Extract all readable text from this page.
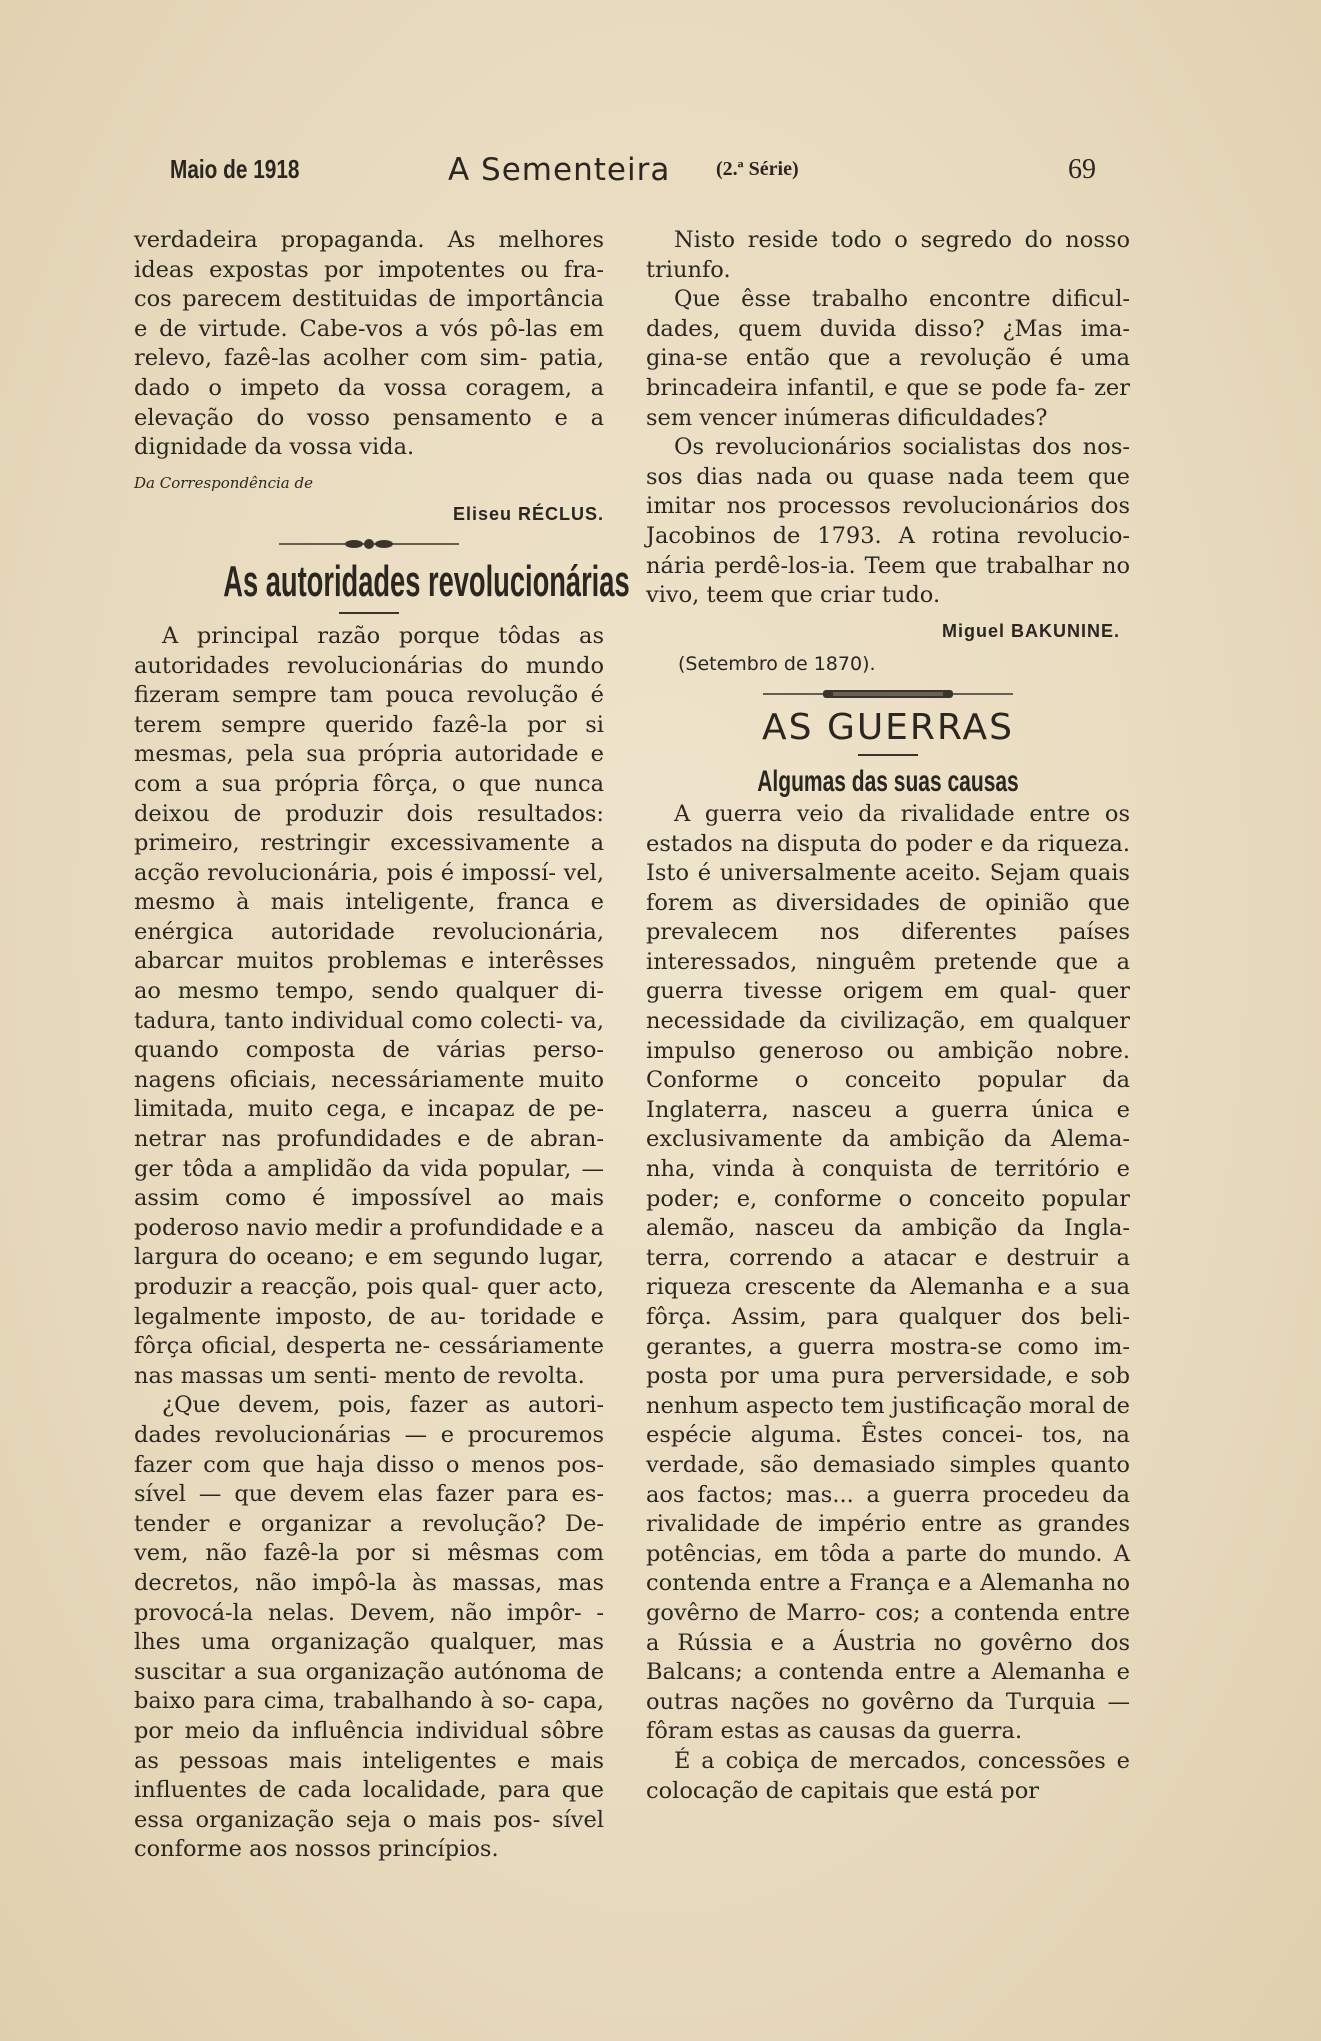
Maio de 1918	A Sementeira (2.ª Série)	69

verdadeira propaganda. As melhores ideas expostas por impotentes ou fra- cos parecem destituidas de importância e de virtude. Cabe-vos a vós pô-las em relevo, fazê-las acolher com sim- patia, dado o impeto da vossa coragem, a elevação do vosso pensamento e a dignidade da vossa vida.

Da Correspondência de

Eliseu RÉCLUS.

As autoridades revolucionárias

A principal razão porque tôdas as autoridades revolucionárias do mundo fizeram sempre tam pouca revolução é terem sempre querido fazê-la por si mesmas, pela sua própria autoridade e com a sua própria fôrça, o que nunca deixou de produzir dois resultados: primeiro, restringir excessivamente a acção revolucionária, pois é impossí- vel, mesmo à mais inteligente, franca e enérgica autoridade revolucionária, abarcar muitos problemas e interêsses ao mesmo tempo, sendo qualquer di- tadura, tanto individual como colecti- va, quando composta de várias perso- nagens oficiais, necessáriamente muito limitada, muito cega, e incapaz de pe- netrar nas profundidades e de abran- ger tôda a amplidão da vida popular, — assim como é impossível ao mais poderoso navio medir a profundidade e a largura do oceano; e em segundo lugar, produzir a reacção, pois qual- quer acto, legalmente imposto, de au- toridade e fôrça oficial, desperta ne- cessáriamente nas massas um senti- mento de revolta.

¿Que devem, pois, fazer as autori- dades revolucionárias — e procuremos fazer com que haja disso o menos pos- sível — que devem elas fazer para es- tender e organizar a revolução? De- vem, não fazê-la por si mêsmas com decretos, não impô-la às massas, mas provocá-la nelas. Devem, não impôr- -lhes uma organização qualquer, mas suscitar a sua organização autónoma de baixo para cima, trabalhando à so- capa, por meio da influência individual sôbre as pessoas mais inteligentes e mais influentes de cada localidade, para que essa organização seja o mais pos- sível conforme aos nossos princípios.

Nisto reside todo o segredo do nosso triunfo.

Que êsse trabalho encontre dificul- dades, quem duvida disso? ¿Mas ima- gina-se então que a revolução é uma brincadeira infantil, e que se pode fa- zer sem vencer inúmeras dificuldades?

Os revolucionários socialistas dos nos- sos dias nada ou quase nada teem que imitar nos processos revolucionários dos Jacobinos de 1793. A rotina revolucio- nária perdê-los-ia. Teem que trabalhar no vivo, teem que criar tudo.

Miguel BAKUNINE.

(Setembro de 1870).

AS GUERRAS

Algumas das suas causas

A guerra veio da rivalidade entre os estados na disputa do poder e da riqueza. Isto é universalmente aceito. Sejam quais forem as diversidades de opinião que prevalecem nos diferentes países interessados, ninguêm pretende que a guerra tivesse origem em qual- quer necessidade da civilização, em qualquer impulso generoso ou ambição nobre. Conforme o conceito popular da Inglaterra, nasceu a guerra única e exclusivamente da ambição da Alema- nha, vinda à conquista de território e poder; e, conforme o conceito popular alemão, nasceu da ambição da Ingla- terra, correndo a atacar e destruir a riqueza crescente da Alemanha e a sua fôrça. Assim, para qualquer dos beli- gerantes, a guerra mostra-se como im- posta por uma pura perversidade, e sob nenhum aspecto tem justificação moral de espécie alguma. Êstes concei- tos, na verdade, são demasiado simples quanto aos factos; mas... a guerra procedeu da rivalidade de império entre as grandes potências, em tôda a parte do mundo. A contenda entre a França e a Alemanha no govêrno de Marro- cos; a contenda entre a Rússia e a Áustria no govêrno dos Balcans; a contenda entre a Alemanha e outras nações no govêrno da Turquia — fôram estas as causas da guerra.

É a cobiça de mercados, concessões e colocação de capitais que está por
